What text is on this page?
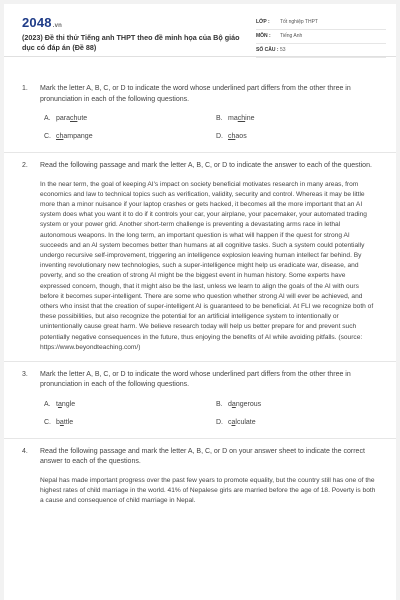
2048.vn
(2023) Đề thi thử Tiếng anh THPT theo đề minh họa của Bộ giáo dục có đáp án (Đề 88)
LỚP :	Tốt nghiệp THPT
MÔN :	Tiếng Anh
SỐ CÂU : 53
1. Mark the letter A, B, C, or D to indicate the word whose underlined part differs from the other three in pronunciation in each of the following questions.
A. parachute	B. machine
C. champange	D. chaos
2. Read the following passage and mark the letter A, B, C, or D to indicate the answer to each of the question.
In the near term, the goal of keeping AI's impact on society beneficial motivates research in many areas, from economics and law to technical topics such as verification, validity, security and control. Whereas it may be little more than a minor nuisance if your laptop crashes or gets hacked, it becomes all the more important that an AI system does what you want it to do if it controls your car, your airplane, your pacemaker, your automated trading system or your power grid. Another short-term challenge is preventing a devastating arms race in lethal autonomous weapons. In the long term, an important question is what will happen if the quest for strong AI succeeds and an AI system becomes better than humans at all cognitive tasks. Such a system could potentially undergo recursive self-improvement, triggering an intelligence explosion leaving human intellect far behind. By inventing revolutionary new technologies, such a super-intelligence might help us eradicate war, disease, and poverty, and so the creation of strong AI might be the biggest event in human history. Some experts have expressed concern, though, that it might also be the last, unless we learn to align the goals of the AI with ours before it becomes super-intelligent. There are some who question whether strong AI will ever be achieved, and others who insist that the creation of super-intelligent AI is guaranteed to be beneficial. At FLI we recognize both of these possibilities, but also recognize the potential for an artificial intelligence system to intentionally or unintentionally cause great harm. We believe research today will help us better prepare for and prevent such potentially negative consequences in the future, thus enjoying the benefits of AI while avoiding pitfalls. (source: https://www.beyondteaching.com/)
3. Mark the letter A, B, C, or D to indicate the word whose underlined part differs from the other three in pronunciation in each of the following questions.
A. tangle	B. dangerous
C. battle	D. calculate
4. Read the following passage and mark the letter A, B, C, or D on your answer sheet to indicate the correct answer to each of the questions.
Nepal has made important progress over the past few years to promote equality, but the country still has one of the highest rates of child marriage in the world. 41% of Nepalese girls are married before the age of 18. Poverty is both a cause and consequence of child marriage in Nepal.
